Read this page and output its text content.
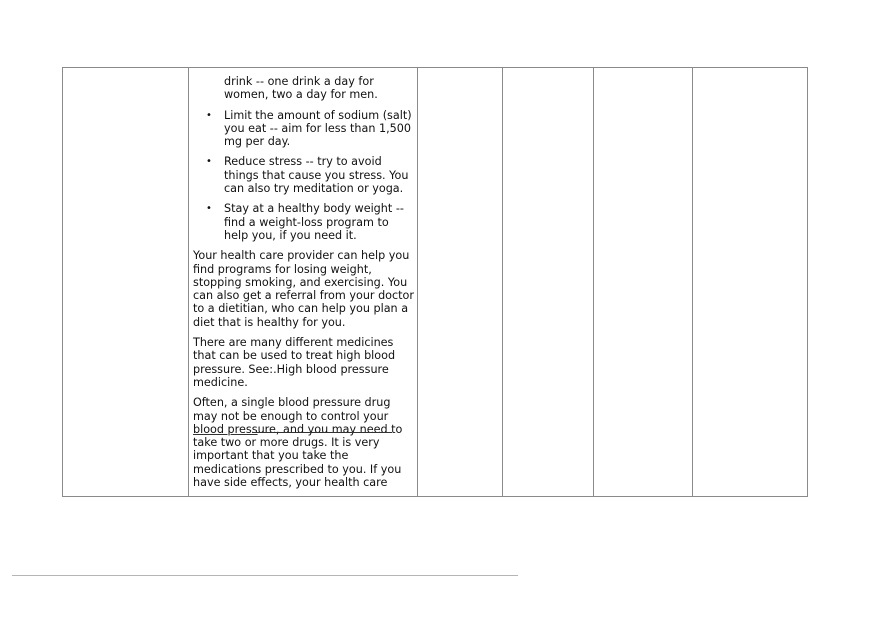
drink -- one drink a day for women, two a day for men.
• Limit the amount of sodium (salt) you eat -- aim for less than 1,500 mg per day.
• Reduce stress -- try to avoid things that cause you stress. You can also try meditation or yoga.
• Stay at a healthy body weight -- find a weight-loss program to help you, if you need it.

Your health care provider can help you find programs for losing weight, stopping smoking, and exercising. You can also get a referral from your doctor to a dietitian, who can help you plan a diet that is healthy for you.

There are many different medicines that can be used to treat high blood pressure. See:.High blood pressure medicine.

Often, a single blood pressure drug may not be enough to control your blood pressure, and you may need to take two or more drugs. It is very important that you take the medications prescribed to you. If you have side effects, your health care
